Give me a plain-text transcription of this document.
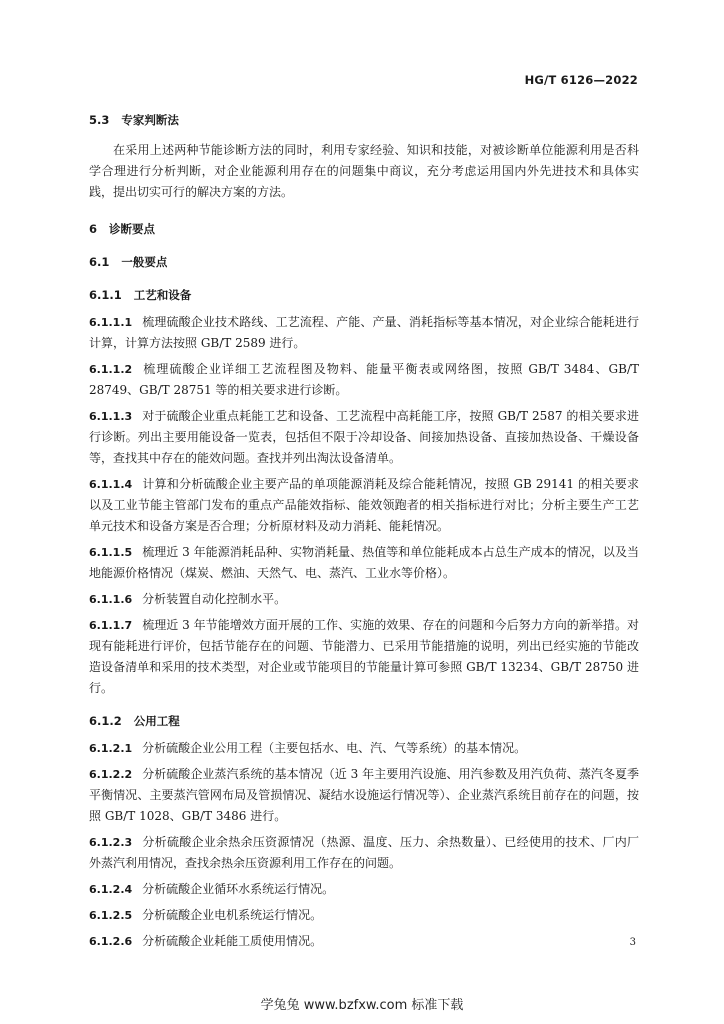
HG/T 6126—2022
5.3 专家判断法
在采用上述两种节能诊断方法的同时，利用专家经验、知识和技能，对被诊断单位能源利用是否科学合理进行分析判断，对企业能源利用存在的问题集中商议，充分考虑运用国内外先进技术和具体实践，提出切实可行的解决方案的方法。
6 诊断要点
6.1 一般要点
6.1.1 工艺和设备
6.1.1.1 梳理硫酸企业技术路线、工艺流程、产能、产量、消耗指标等基本情况，对企业综合能耗进行计算，计算方法按照 GB/T 2589 进行。
6.1.1.2 梳理硫酸企业详细工艺流程图及物料、能量平衡表或网络图，按照 GB/T 3484、GB/T 28749、GB/T 28751 等的相关要求进行诊断。
6.1.1.3 对于硫酸企业重点耗能工艺和设备、工艺流程中高耗能工序，按照 GB/T 2587 的相关要求进行诊断。列出主要用能设备一览表，包括但不限于冷却设备、间接加热设备、直接加热设备、干燥设备等，查找其中存在的能效问题。查找并列出淘汰设备清单。
6.1.1.4 计算和分析硫酸企业主要产品的单项能源消耗及综合能耗情况，按照 GB 29141 的相关要求以及工业节能主管部门发布的重点产品能效指标、能效领跑者的相关指标进行对比；分析主要生产工艺单元技术和设备方案是否合理；分析原材料及动力消耗、能耗情况。
6.1.1.5 梳理近 3 年能源消耗品种、实物消耗量、热值等和单位能耗成本占总生产成本的情况，以及当地能源价格情况（煤炭、燃油、天然气、电、蒸汽、工业水等价格）。
6.1.1.6 分析装置自动化控制水平。
6.1.1.7 梳理近 3 年节能增效方面开展的工作、实施的效果、存在的问题和今后努力方向的新举措。对现有能耗进行评价，包括节能存在的问题、节能潜力、已采用节能措施的说明，列出已经实施的节能改造设备清单和采用的技术类型，对企业或节能项目的节能量计算可参照 GB/T 13234、GB/T 28750 进行。
6.1.2 公用工程
6.1.2.1 分析硫酸企业公用工程（主要包括水、电、汽、气等系统）的基本情况。
6.1.2.2 分析硫酸企业蒸汽系统的基本情况（近 3 年主要用汽设施、用汽参数及用汽负荷、蒸汽冬夏季平衡情况、主要蒸汽管网布局及管损情况、凝结水设施运行情况等）、企业蒸汽系统目前存在的问题，按照 GB/T 1028、GB/T 3486 进行。
6.1.2.3 分析硫酸企业余热余压资源情况（热源、温度、压力、余热数量）、已经使用的技术、厂内厂外蒸汽利用情况，查找余热余压资源利用工作存在的问题。
6.1.2.4 分析硫酸企业循环水系统运行情况。
6.1.2.5 分析硫酸企业电机系统运行情况。
6.1.2.6 分析硫酸企业耗能工质使用情况。	3
学兔兔 www.bzfxw.com 标准下载
